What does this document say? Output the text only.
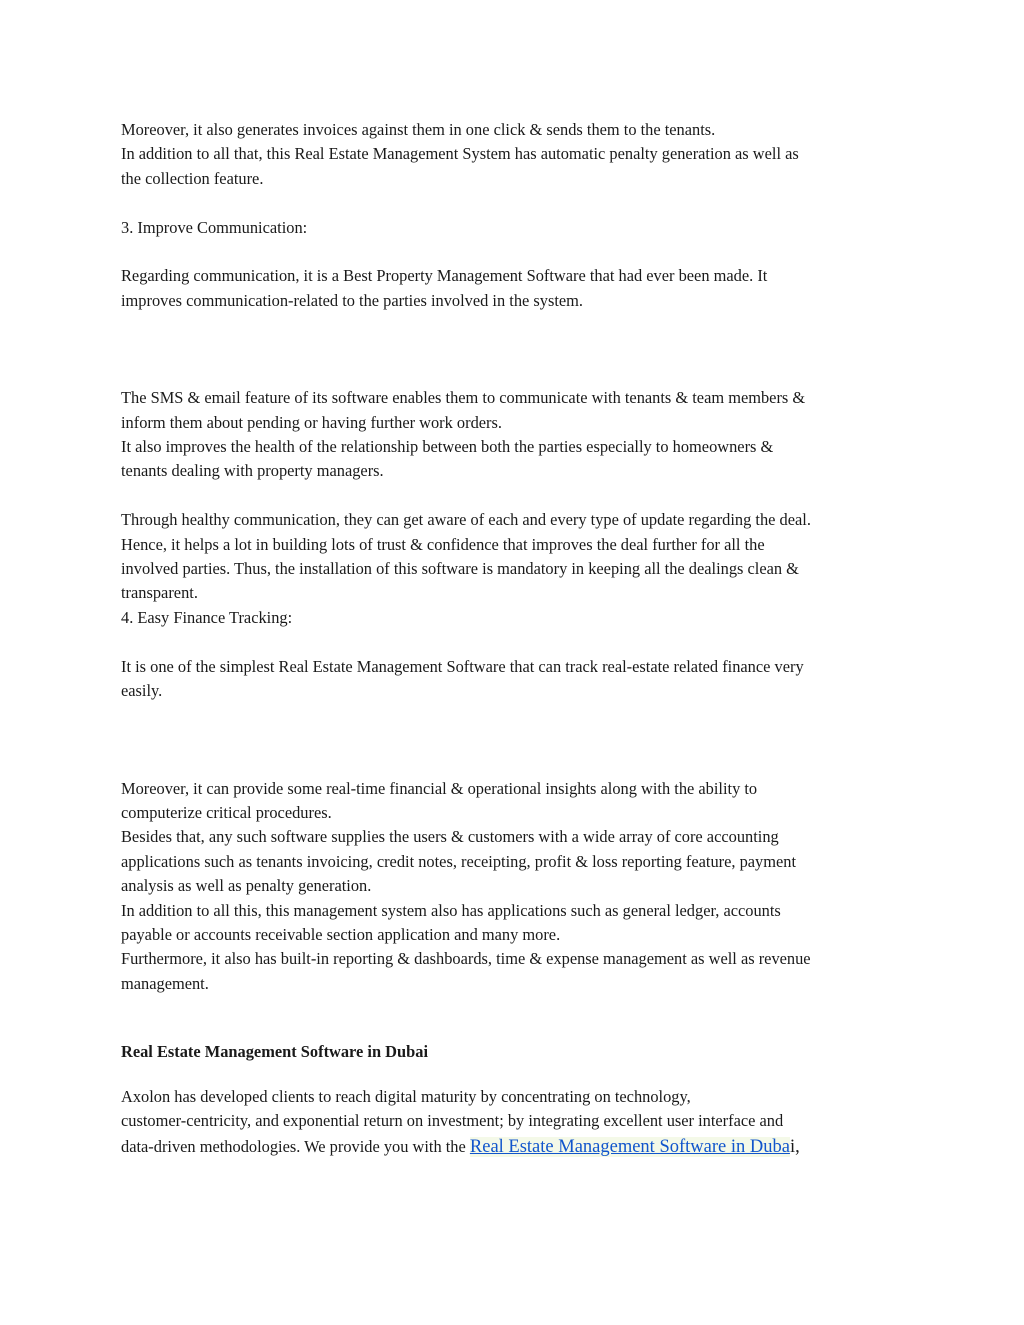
Moreover, it also generates invoices against them in one click & sends them to the tenants.

In addition to all that, this Real Estate Management System has automatic penalty generation as well as

the collection feature.

3. Improve Communication:

Regarding communication, it is a Best Property Management Software that had ever been made. It

improves communication-related to the parties involved in the system.

The SMS & email feature of its software enables them to communicate with tenants & team members &

inform them about pending or having further work orders.

It also improves the health of the relationship between both the parties especially to homeowners &

tenants dealing with property managers.

Through healthy communication, they can get aware of each and every type of update regarding the deal.

Hence, it helps a lot in building lots of trust & confidence that improves the deal further for all the

involved parties. Thus, the installation of this software is mandatory in keeping all the dealings clean &

transparent.

4. Easy Finance Tracking:

It is one of the simplest Real Estate Management Software that can track real-estate related finance very

easily.

Moreover, it can provide some real-time financial & operational insights along with the ability to

computerize critical procedures.

Besides that, any such software supplies the users & customers with a wide array of core accounting

applications such as tenants invoicing, credit notes, receipting, profit & loss reporting feature, payment

analysis as well as penalty generation.

In addition to all this, this management system also has applications such as general ledger, accounts

payable or accounts receivable section application and many more.

Furthermore, it also has built-in reporting & dashboards, time & expense management as well as revenue

management.

Real Estate Management Software in Dubai

Axolon has developed clients to reach digital maturity by concentrating on technology,

customer-centricity, and exponential return on investment; by integrating excellent user interface and

data-driven methodologies. We provide you with the Real Estate Management Software in Dubai,
